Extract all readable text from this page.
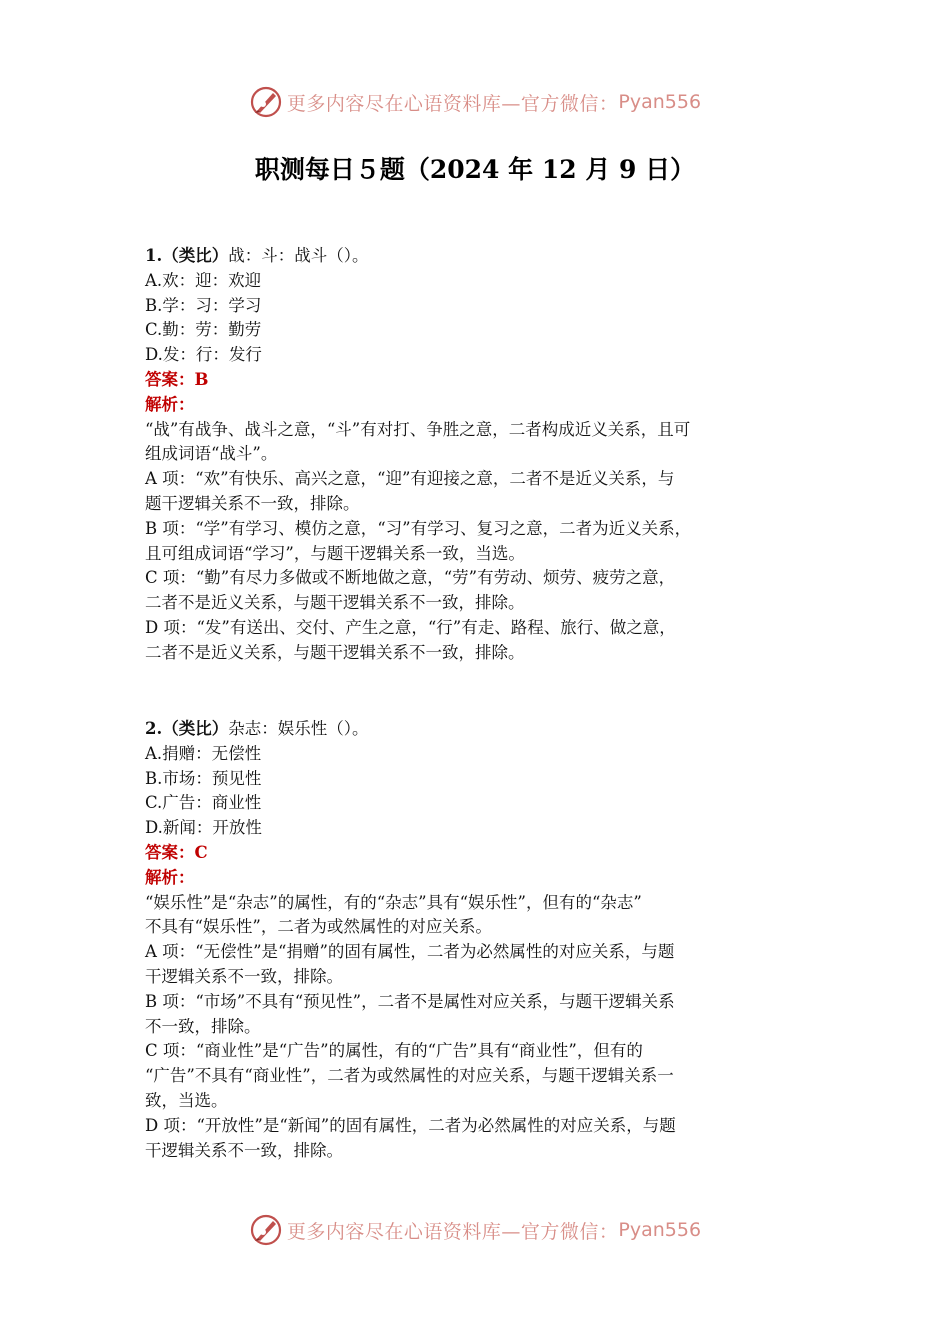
更多内容尽在心语资料库—官方微信： Pyan556
职测每日５题（2024 年 12 月 9 日）
1.（类比）战：斗：战斗（）。
A.欢：迎：欢迎
B.学：习：学习
C.勤：劳：勤劳
D.发：行：发行
答案：B
解析：
“战”有战争、战斗之意，“斗”有对打、争胜之意，二者构成近义关系，且可
组成词语“战斗”。
A 项：“欢”有快乐、高兴之意，“迎”有迎接之意，二者不是近义关系，与
题干逻辑关系不一致，排除。
B 项：“学”有学习、模仿之意，“习”有学习、复习之意，二者为近义关系，
且可组成词语“学习”，与题干逻辑关系一致，当选。
C 项：“勤”有尽力多做或不断地做之意，“劳”有劳动、烦劳、疲劳之意，
二者不是近义关系，与题干逻辑关系不一致，排除。
D 项：“发”有送出、交付、产生之意，“行”有走、路程、旅行、做之意，
二者不是近义关系，与题干逻辑关系不一致，排除。
2.（类比）杂志：娱乐性（）。
A.捐赠：无偿性
B.市场：预见性
C.广告：商业性
D.新闻：开放性
答案：C
解析：
“娱乐性”是“杂志”的属性，有的“杂志”具有“娱乐性”，但有的“杂志”
不具有“娱乐性”，二者为或然属性的对应关系。
A 项：“无偿性”是“捐赠”的固有属性，二者为必然属性的对应关系，与题
干逻辑关系不一致，排除。
B 项：“市场”不具有“预见性”，二者不是属性对应关系，与题干逻辑关系
不一致，排除。
C 项：“商业性”是“广告”的属性，有的“广告”具有“商业性”，但有的
“广告”不具有“商业性”，二者为或然属性的对应关系，与题干逻辑关系一
致，当选。
D 项：“开放性”是“新闻”的固有属性，二者为必然属性的对应关系，与题
干逻辑关系不一致，排除。
更多内容尽在心语资料库—官方微信： Pyan556
